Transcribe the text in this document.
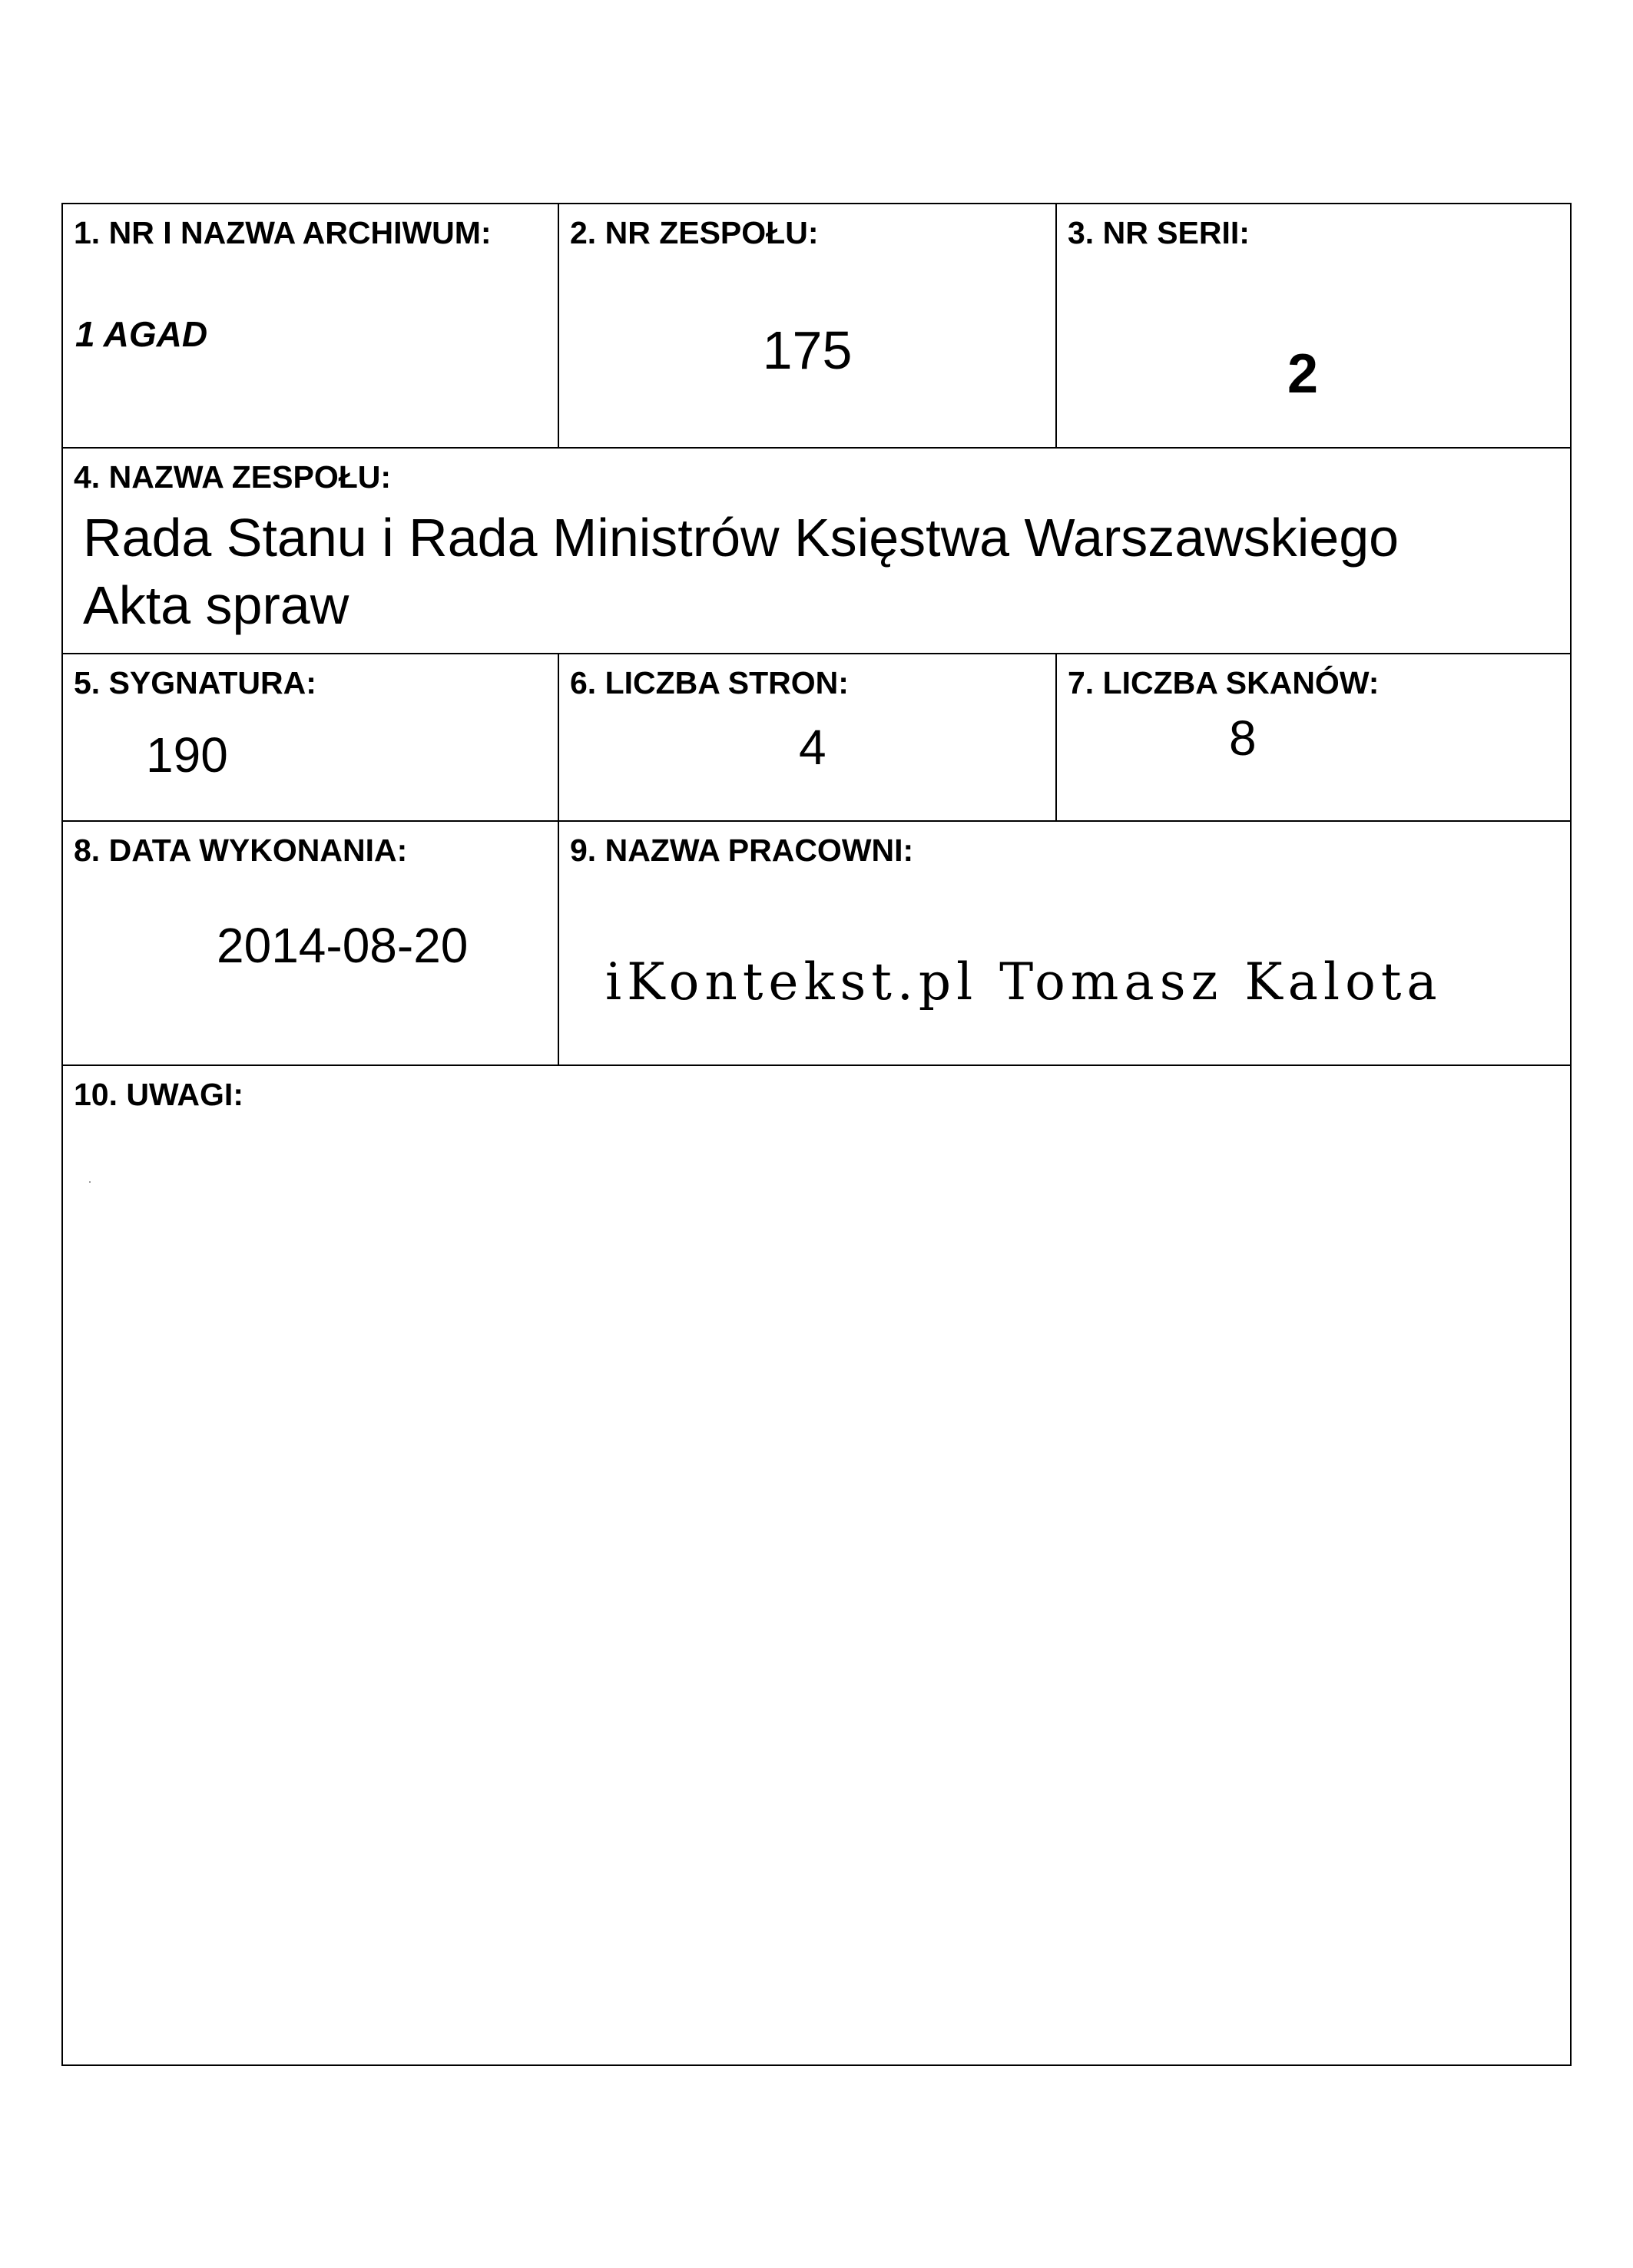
1. NR I NAZWA ARCHIWUM:
1 AGAD
2. NR ZESPOŁU:
175
3. NR SERII:
2
4. NAZWA ZESPOŁU:
Rada Stanu i Rada Ministrów Księstwa Warszawskiego
Akta spraw
5. SYGNATURA:
190
6. LICZBA STRON:
4
7. LICZBA SKANÓW:
8
8. DATA WYKONANIA:
2014-08-20
9. NAZWA PRACOWNI:
iKontekst.pl Tomasz Kalota
10. UWAGI:
